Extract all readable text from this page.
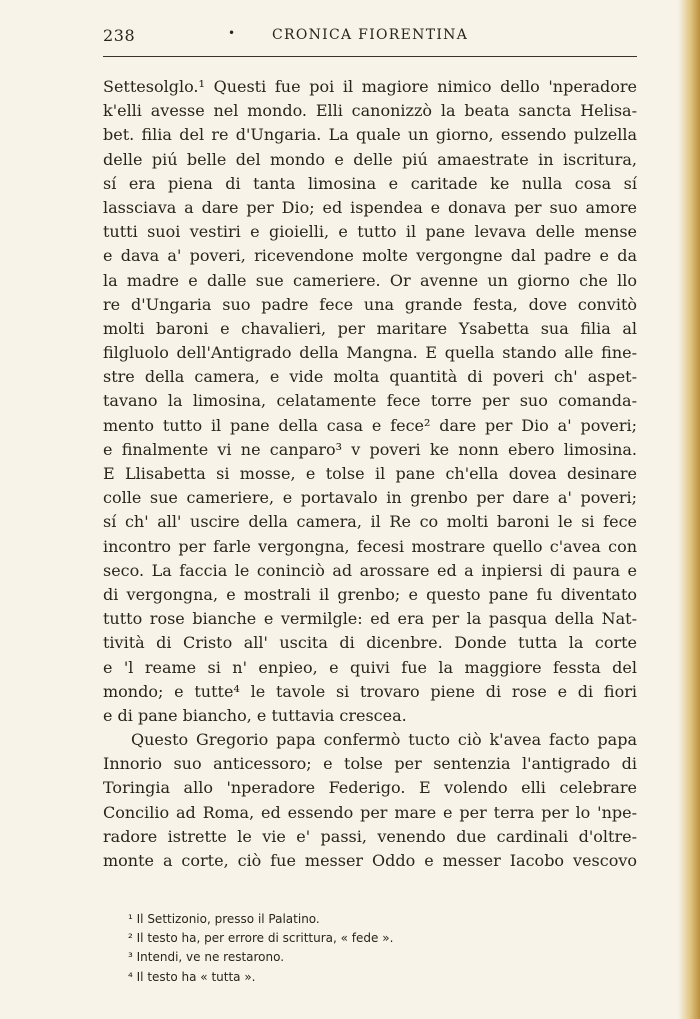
238	•	CRONICA FIORENTINA
Settesolglo.¹ Questi fue poi il magiore nimico dello 'nperadore
k'elli avesse nel mondo. Elli canonizzò la beata sancta Helisa-
bet. filia del re d'Ungaria. La quale un giorno, essendo pulzella
delle piú belle del mondo e delle piú amaestrate in iscritura,
sí era piena di tanta limosina e caritade ke nulla cosa sí
lassciava a dare per Dio; ed ispendea e donava per suo amore
tutti suoi vestiri e gioielli, e tutto il pane levava delle mense
e dava a' poveri, ricevendone molte vergongne dal padre e da
la madre e dalle sue cameriere. Or avenne un giorno che llo
re d'Ungaria suo padre fece una grande festa, dove convitò
molti baroni e chavalieri, per maritare Ysabetta sua filia al
filgluolo dell'Antigrado della Mangna. E quella stando alle fine-
stre della camera, e vide molta quantità di poveri ch' aspet-
tavano la limosina, celatamente fece torre per suo comanda-
mento tutto il pane della casa e fece² dare per Dio a' poveri;
e finalmente vi ne canparo³ v poveri ke nonn ebero limosina.
E Llisabetta si mosse, e tolse il pane ch'ella dovea desinare
colle sue cameriere, e portavalo in grenbo per dare a' poveri;
sí ch' all' uscire della camera, il Re co molti baroni le si fece
incontro per farle vergongna, fecesi mostrare quello c'avea con
seco. La faccia le coninciò ad arossare ed a inpiersi di paura e
di vergongna, e mostrali il grenbo; e questo pane fu diventato
tutto rose bianche e vermilgle: ed era per la pasqua della Nat-
tività di Cristo all' uscita di dicenbre. Donde tutta la corte
e 'l reame si n' enpieo, e quivi fue la maggiore fessta del
mondo; e tutte⁴ le tavole si trovaro piene di rose e di fiori
e di pane biancho, e tuttavia crescea.
Questo Gregorio papa confermò tucto ciò k'avea facto papa
Innorio suo anticessoro; e tolse per sentenzia l'antigrado di
Toringia allo 'nperadore Federigo. E volendo elli celebrare
Concilio ad Roma, ed essendo per mare e per terra per lo 'npe-
radore istrette le vie e' passi, venendo due cardinali d'oltre-
monte a corte, ciò fue messer Oddo e messer Iacobo vescovo
¹ Il Settizonio, presso il Palatino.
² Il testo ha, per errore di scrittura, « fede ».
³ Intendi, ve ne restarono.
⁴ Il testo ha « tutta ».
